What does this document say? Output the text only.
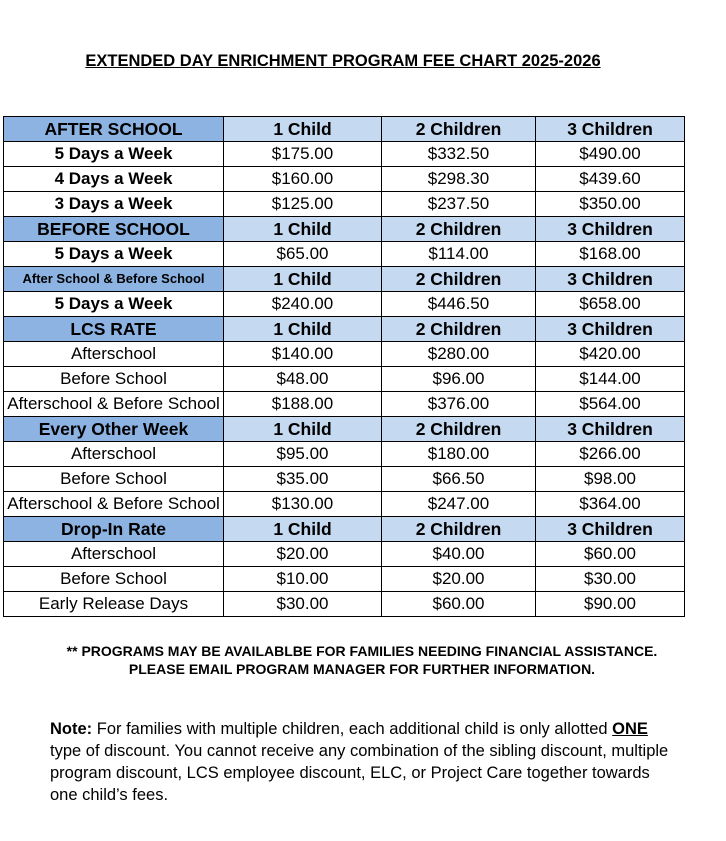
EXTENDED DAY ENRICHMENT PROGRAM FEE CHART 2025-2026
AFTER SCHOOL	1 Child	2 Children	3 Children
5 Days a Week	$175.00	$332.50	$490.00
4 Days a Week	$160.00	$298.30	$439.60
3 Days a Week	$125.00	$237.50	$350.00
BEFORE SCHOOL	1 Child	2 Children	3 Children
5 Days a Week	$65.00	$114.00	$168.00
After School & Before School	1 Child	2 Children	3 Children
5 Days a Week	$240.00	$446.50	$658.00
LCS RATE	1 Child	2 Children	3 Children
Afterschool	$140.00	$280.00	$420.00
Before School	$48.00	$96.00	$144.00
Afterschool & Before School	$188.00	$376.00	$564.00
Every Other Week	1 Child	2 Children	3 Children
Afterschool	$95.00	$180.00	$266.00
Before School	$35.00	$66.50	$98.00
Afterschool & Before School	$130.00	$247.00	$364.00
Drop-In Rate	1 Child	2 Children	3 Children
Afterschool	$20.00	$40.00	$60.00
Before School	$10.00	$20.00	$30.00
Early Release Days	$30.00	$60.00	$90.00
** PROGRAMS MAY BE AVAILABLBE FOR FAMILIES NEEDING FINANCIAL ASSISTANCE. PLEASE EMAIL PROGRAM MANAGER FOR FURTHER INFORMATION.
Note: For families with multiple children, each additional child is only allotted ONE type of discount. You cannot receive any combination of the sibling discount, multiple program discount, LCS employee discount, ELC, or Project Care together towards one child’s fees.
